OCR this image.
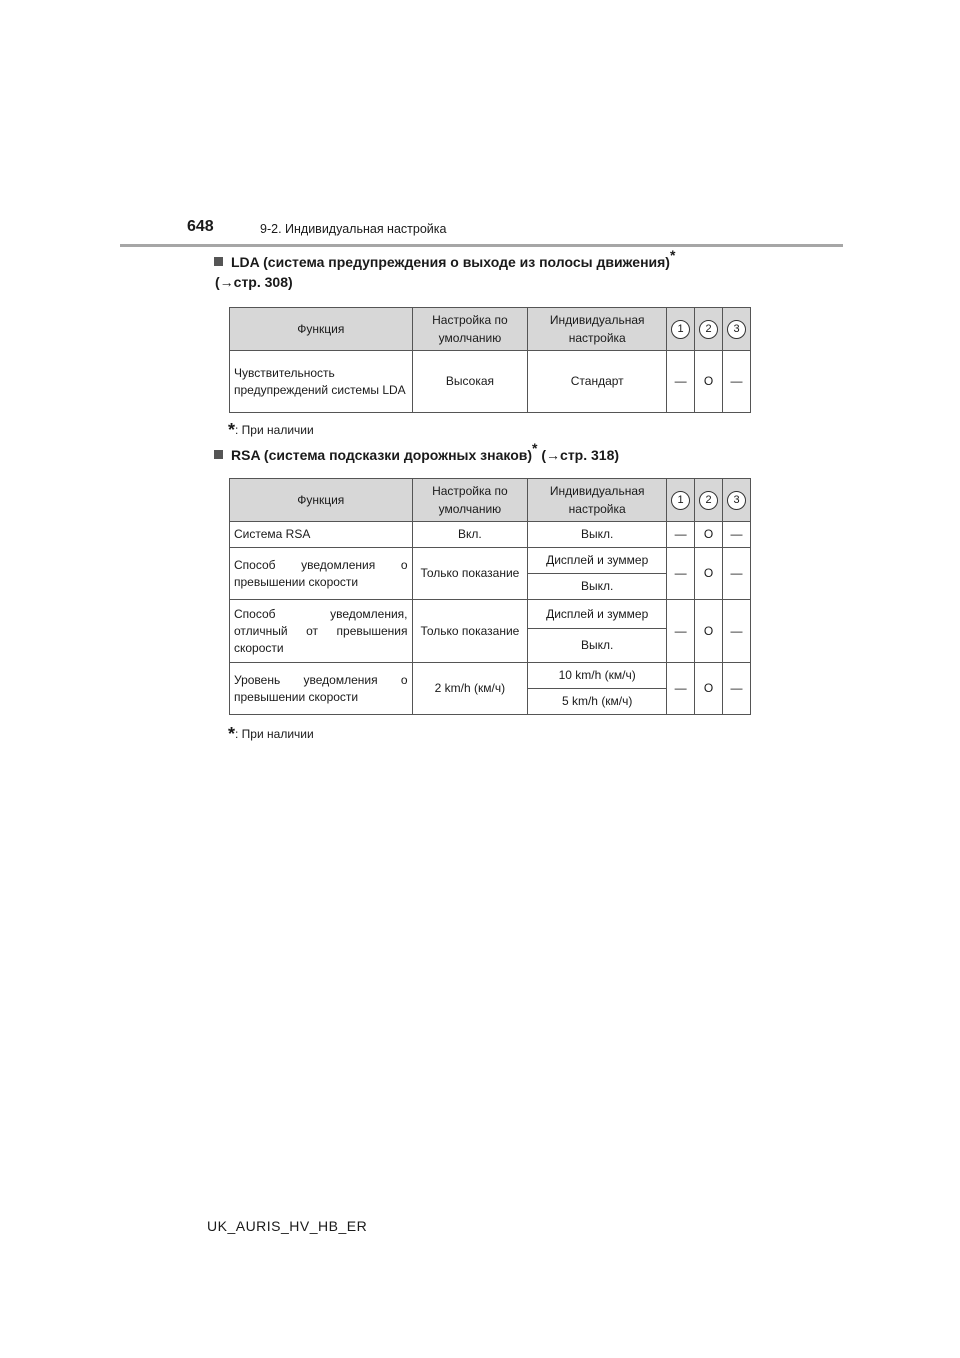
648	9-2. Индивидуальная настройка
LDA (система предупреждения о выходе из полосы движения)*
(→стр. 308)
Функция	Настройка по умолчанию	Индивидуальная настройка	1	2	3
Чувствительность предупреждений системы LDA	Высокая	Стандарт	—	O	—
*: При наличии
RSA (система подсказки дорожных знаков)* (→стр. 318)
Функция	Настройка по умолчанию	Индивидуальная настройка	1	2	3
Система RSA	Вкл.	Выкл.	—	O	—
Способ уведомления о превышении скорости	Только показание	Дисплей и зуммер	—	O	—
		Выкл.			
Способ уведомления, отличный от превышения скорости	Только показание	Дисплей и зуммер	—	O	—
		Выкл.			
Уровень уведомления о превышении скорости	2 km/h (км/ч)	10 km/h (км/ч)	—	O	—
		5 km/h (км/ч)			
*: При наличии
UK_AURIS_HV_HB_ER
